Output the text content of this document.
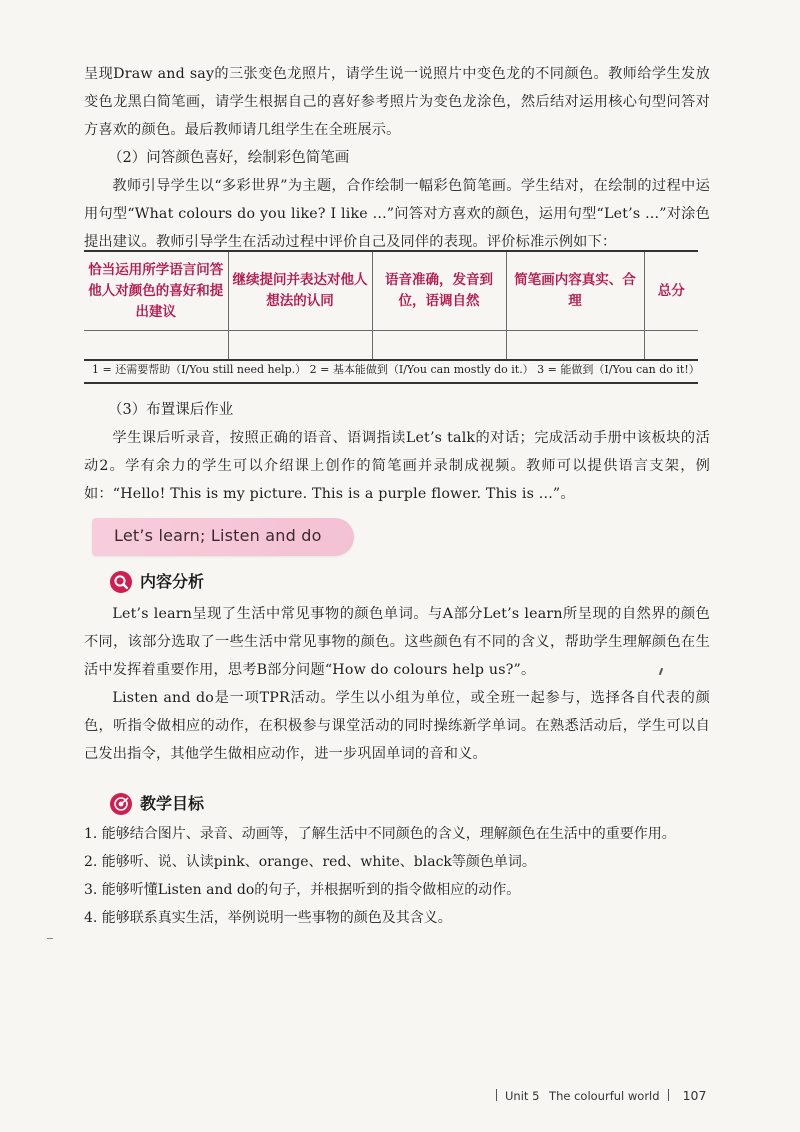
呈现Draw and say的三张变色龙照片，请学生说一说照片中变色龙的不同颜色。教师给学生发放变色龙黑白简笔画，请学生根据自己的喜好参考照片为变色龙涂色，然后结对运用核心句型问答对方喜欢的颜色。最后教师请几组学生在全班展示。

（2）问答颜色喜好，绘制彩色简笔画

教师引导学生以“多彩世界”为主题，合作绘制一幅彩色简笔画。学生结对，在绘制的过程中运用句型“What colours do you like? I like ...”问答对方喜欢的颜色，运用句型“Let’s ...”对涂色提出建议。教师引导学生在活动过程中评价自己及同伴的表现。评价标准示例如下：

恰当运用所学语言问答他人对颜色的喜好和提出建议	继续提问并表达对他人想法的认同	语音准确，发音到位，语调自然	简笔画内容真实、合理	总分

1 = 还需要帮助（I/You still need help.） 2 = 基本能做到（I/You can mostly do it.） 3 = 能做到（I/You can do it!）

（3）布置课后作业

学生课后听录音，按照正确的语音、语调指读Let’s talk的对话；完成活动手册中该板块的活动2。学有余力的学生可以介绍课上创作的简笔画并录制成视频。教师可以提供语言支架，例如：“Hello! This is my picture. This is a purple flower. This is ...”。

Let’s learn; Listen and do
内容分析

Let’s learn呈现了生活中常见事物的颜色单词。与A部分Let’s learn所呈现的自然界的颜色不同，该部分选取了一些生活中常见事物的颜色。这些颜色有不同的含义，帮助学生理解颜色在生活中发挥着重要作用，思考B部分问题“How do colours help us?”。

Listen and do是一项TPR活动。学生以小组为单位，或全班一起参与，选择各自代表的颜色，听指令做相应的动作，在积极参与课堂活动的同时操练新学单词。在熟悉活动后，学生可以自己发出指令，其他学生做相应动作，进一步巩固单词的音和义。

教学目标

1. 能够结合图片、录音、动画等，了解生活中不同颜色的含义，理解颜色在生活中的重要作用。

2. 能够听、说、认读pink、orange、red、white、black等颜色单词。

3. 能够听懂Listen and do的句子，并根据听到的指令做相应的动作。

4. 能够联系真实生活，举例说明一些事物的颜色及其含义。

Unit 5 The colourful world 107
